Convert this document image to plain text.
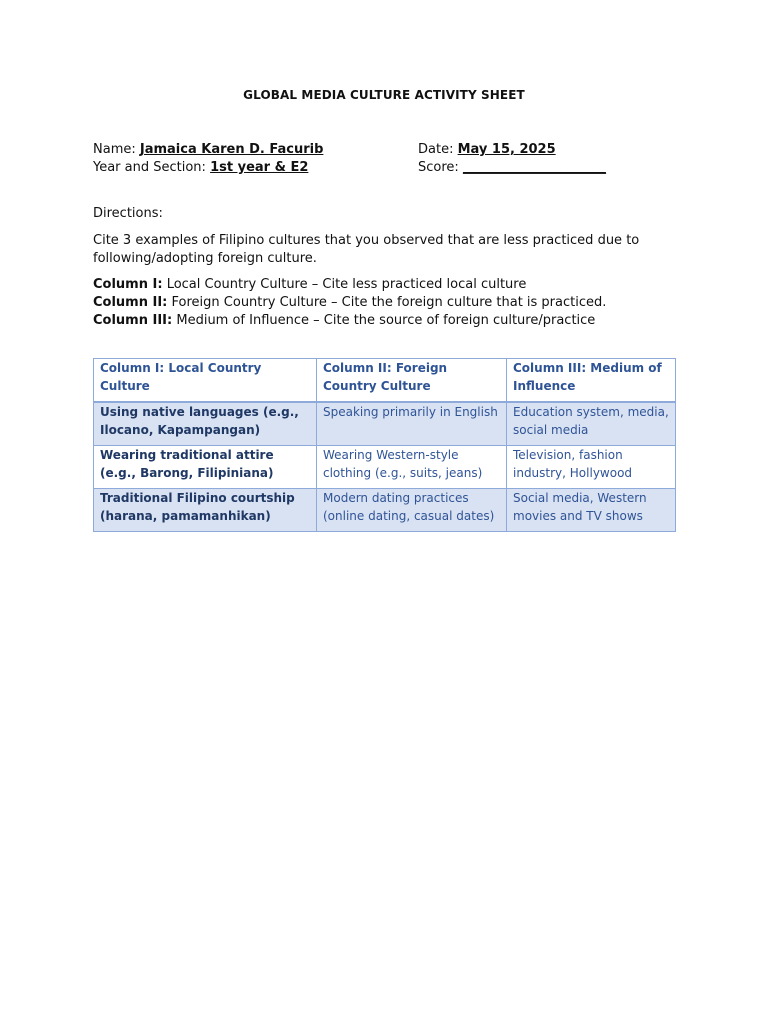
GLOBAL MEDIA CULTURE ACTIVITY SHEET
Name: Jamaica Karen D. Facurib	Date: May 15, 2025
Year and Section: 1st year & E2	Score: ______________________
Directions:
Cite 3 examples of Filipino cultures that you observed that are less practiced due to following/adopting foreign culture.
Column I: Local Country Culture – Cite less practiced local culture
Column II: Foreign Country Culture – Cite the foreign culture that is practiced.
Column III: Medium of Influence – Cite the source of foreign culture/practice
Column I: Local Country Culture	Column II: Foreign Country Culture	Column III: Medium of Influence
Using native languages (e.g., Ilocano, Kapampangan)	Speaking primarily in English	Education system, media, social media
Wearing traditional attire (e.g., Barong, Filipiniana)	Wearing Western-style clothing (e.g., suits, jeans)	Television, fashion industry, Hollywood
Traditional Filipino courtship (harana, pamamanhikan)	Modern dating practices (online dating, casual dates)	Social media, Western movies and TV shows
